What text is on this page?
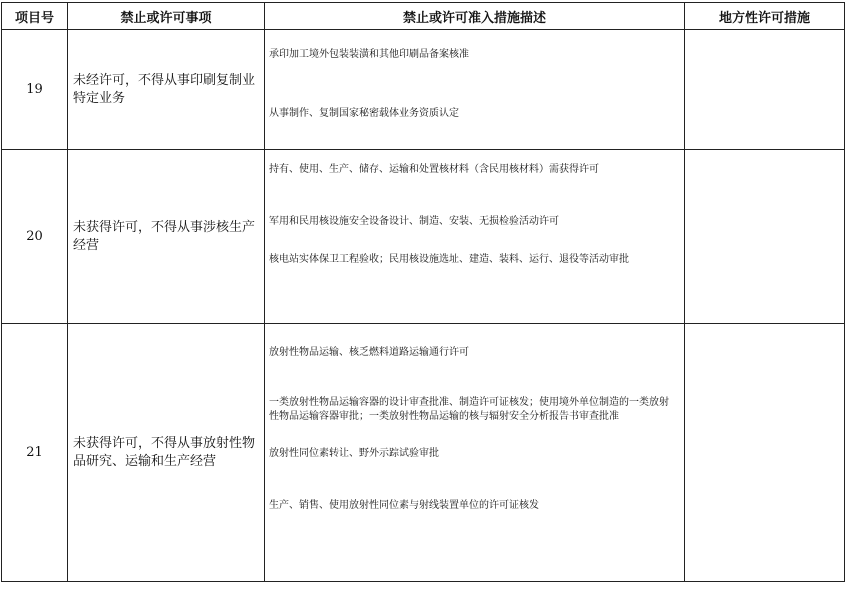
项目号	禁止或许可事项	禁止或许可准入措施描述	地方性许可措施
19	未经许可，不得从事印刷复制业特定业务	承印加工境外包装装潢和其他印刷品备案核准
从事制作、复制国家秘密载体业务资质认定	

20	未获得许可，不得从事涉核生产经营	持有、使用、生产、储存、运输和处置核材料（含民用核材料）需获得许可
军用和民用核设施安全设备设计、制造、安装、无损检验活动许可
核电站实体保卫工程验收；民用核设施选址、建造、装料、运行、退役等活动审批	

21	未获得许可，不得从事放射性物品研究、运输和生产经营	放射性物品运输、核乏燃料道路运输通行许可
一类放射性物品运输容器的设计审查批准、制造许可证核发；使用境外单位制造的一类放射性物品运输容器审批；一类放射性物品运输的核与辐射安全分析报告书审查批准
放射性同位素转让、野外示踪试验审批
生产、销售、使用放射性同位素与射线装置单位的许可证核发	
